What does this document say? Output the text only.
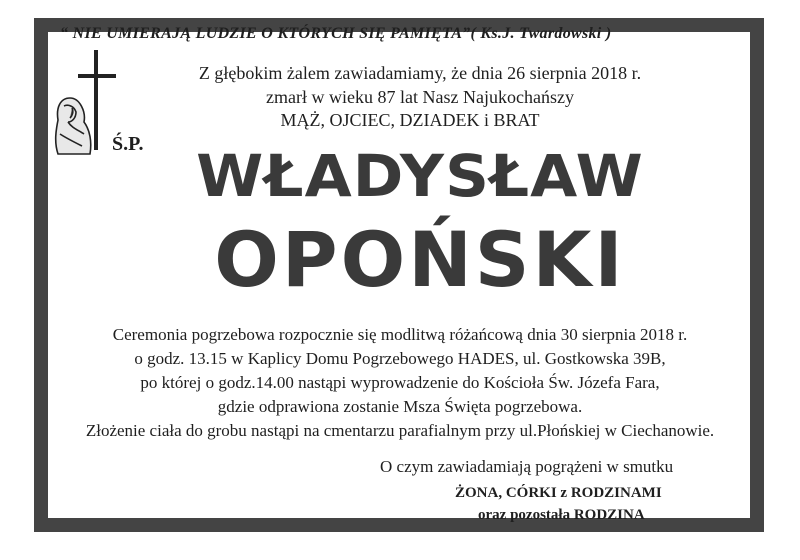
“ NIE UMIERAJĄ LUDZIE O KTÓRYCH SIĘ PAMIĘTA”( Ks.J. Twardowski )
Z głębokim żalem zawiadamiamy, że dnia 26 sierpnia 2018 r.
zmarł w wieku 87 lat Nasz Najukochańszy
MĄŻ, OJCIEC, DZIADEK i BRAT
Ś.P. WŁADYSŁAW
OPOŃSKI
Ceremonia pogrzebowa rozpocznie się modlitwą różańcową dnia 30 sierpnia 2018 r.
o godz. 13.15 w Kaplicy Domu Pogrzebowego HADES, ul. Gostkowska 39B,
po której o godz.14.00 nastąpi wyprowadzenie do Kościoła Św. Józefa Fara,
gdzie odprawiona zostanie Msza Święta pogrzebowa.
Złożenie ciała do grobu nastąpi na cmentarzu parafialnym przy ul.Płońskiej w Ciechanowie.
O czym zawiadamiają pogrążeni w smutku
ŻONA, CÓRKI z RODZINAMI
oraz pozostała RODZINA
DRUK: Z.U.P. "HADES" R.Żurawski tel. 23 672 14 88, 662 198 820
